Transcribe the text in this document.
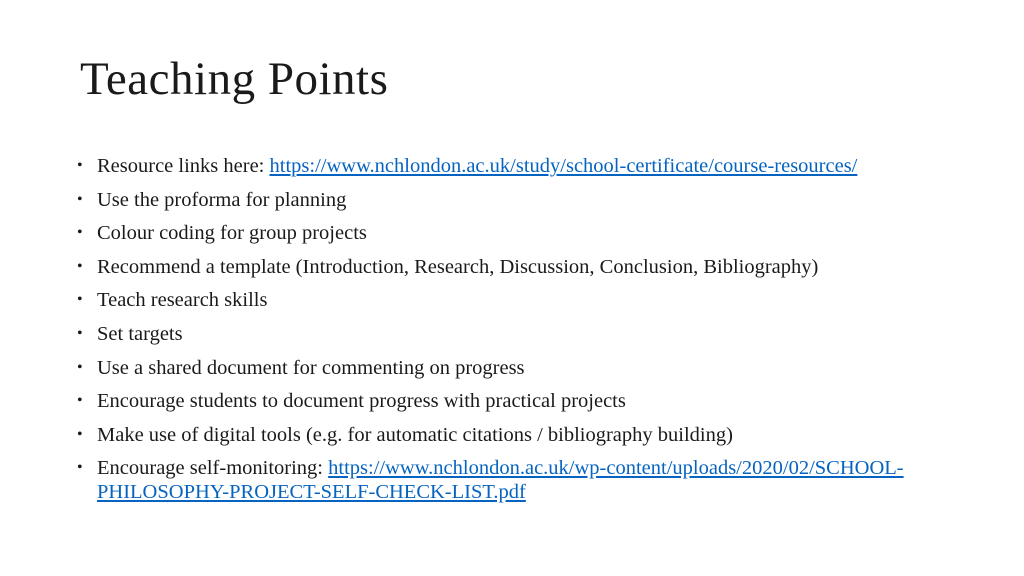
Teaching Points
• Resource links here: https://www.nchlondon.ac.uk/study/school-certificate/course-resources/
• Use the proforma for planning
• Colour coding for group projects
• Recommend a template (Introduction, Research, Discussion, Conclusion, Bibliography)
• Teach research skills
• Set targets
• Use a shared document for commenting on progress
• Encourage students to document progress with practical projects
• Make use of digital tools (e.g. for automatic citations / bibliography building)
• Encourage self-monitoring: https://www.nchlondon.ac.uk/wp-content/uploads/2020/02/SCHOOL-PHILOSOPHY-PROJECT-SELF-CHECK-LIST.pdf
